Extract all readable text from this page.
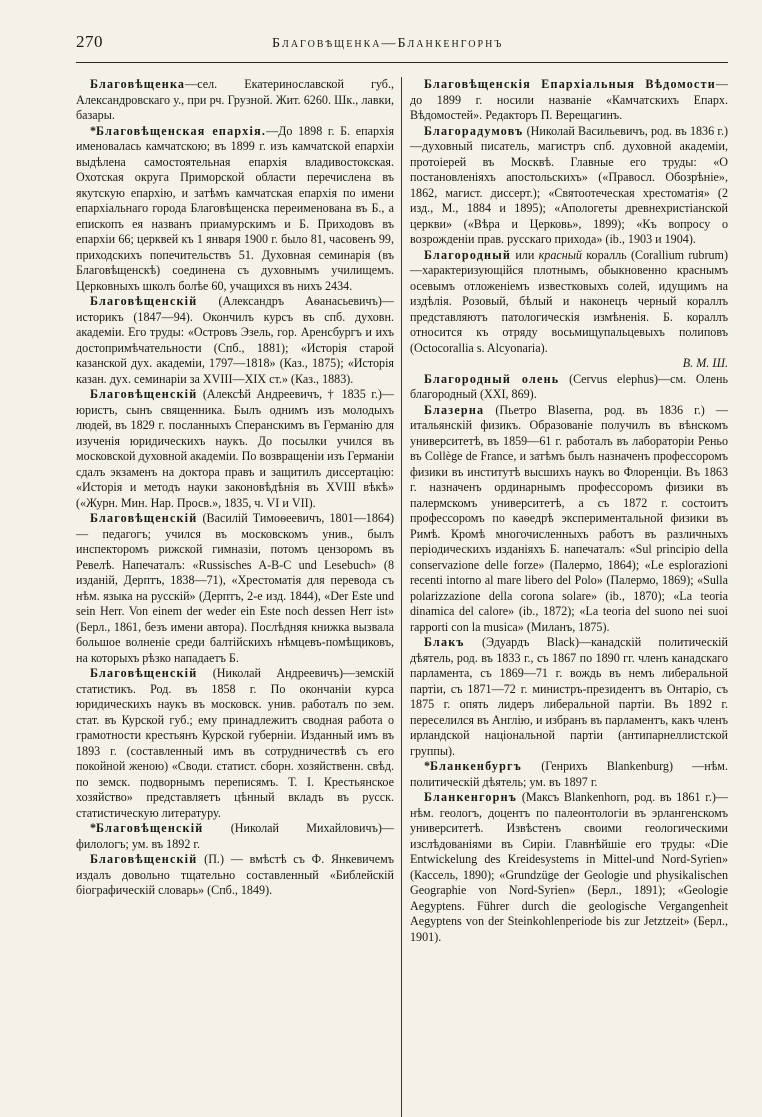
270	Благовѣщенка—Бланкенгорнъ

Благовѣщенка—сел. Екатеринославской губ., Александровскаго у., при рч. Грузной. Жит. 6260. Шк., лавки, базары.

*Благовѣщенская епархія.—До 1898 г. Б. епархія именовалась камчатскою; въ 1899 г. изъ камчатской епархіи выдѣлена самостоятельная епархія владивостокская. Охотская округа Приморской области перечислена въ якутскую епархію, и затѣмъ камчатская епархія по имени епархіальнаго города Благовѣщенска переименована въ Б., а епископъ ея названъ приамурскимъ и Б. Приходовъ въ епархіи 66; церквей къ 1 января 1900 г. было 81, часовенъ 99, приходскихъ попечительствъ 51. Духовная семинарія (въ Благовѣщенскѣ) соединена съ духовнымъ училищемъ. Церковныхъ школъ болѣе 60, учащихся въ нихъ 2434.

Благовѣщенскій (Александръ Аѳанасьевичъ)—историкъ (1847—94). Окончилъ курсъ въ спб. духовн. академіи. Его труды: «Островъ Эзель, гор. Аренсбургъ и ихъ достопримѣчательности (Спб., 1881); «Исторія старой казанской дух. академіи, 1797—1818» (Каз., 1875); «Исторія казан. дух. семинаріи за XVIII—XIX ст.» (Каз., 1883).

Благовѣщенскій (Алексѣй Андреевичъ, † 1835 г.)—юристъ, сынъ священника. Былъ однимъ изъ молодыхъ людей, въ 1829 г. посланныхъ Сперанскимъ въ Германію для изученія юридическихъ наукъ. До посылки учился въ московской духовной академіи. По возвращеніи изъ Германіи сдалъ экзаменъ на доктора правъ и защитилъ диссертацію: «Исторія и методъ науки законовѣдѣнія въ XVIII вѣкѣ» («Журн. Мин. Нар. Просв.», 1835, ч. VI и VII).

Благовѣщенскій (Василій Тимоѳеевичъ, 1801—1864) — педагогъ; учился въ московскомъ унив., былъ инспекторомъ рижской гимназіи, потомъ цензоромъ въ Ревелѣ. Напечаталъ: «Russisches A-B-C und Lesebuch» (8 изданій, Дерптъ, 1838—71), «Хрестоматія для перевода съ нѣм. языка на русскій» (Дерптъ, 2-е изд. 1844), «Der Este und sein Herr. Von einem der weder ein Este noch dessen Herr ist» (Берл., 1861, безъ имени автора). Послѣдняя книжка вызвала большое волненіе среди балтійскихъ нѣмцевъ-помѣщиковъ, на которыхъ рѣзко нападаетъ Б.

Благовѣщенскій (Николай Андреевичъ)—земскій статистикъ. Род. въ 1858 г. По окончаніи курса юридическихъ наукъ въ московск. унив. работалъ по зем. стат. въ Курской губ.; ему принадлежитъ сводная работа о грамотности крестьянъ Курской губерніи. Изданный имъ въ 1893 г. (составленный имъ въ сотрудничествѣ съ его покойной женою) «Своди. статист. сборн. хозяйственн. свѣд. по земск. подворнымъ переписямъ. Т. I. Крестьянское хозяйство» представляетъ цѣнный вкладъ въ русск. статистическую литературу.

*Благовѣщенскій (Николай Михайловичъ)—филологъ; ум. въ 1892 г.

Благовѣщенскій (П.) — вмѣстѣ съ Ф. Янкевичемъ издалъ довольно тщательно составленный «Библейскій біографическій словарь» (Спб., 1849).

Благовѣщенскія Епархіальныя Вѣдомости—до 1899 г. носили названіе «Камчатскихъ Епарх. Вѣдомостей». Редакторъ П. Верещагинъ.

Благорадумовъ (Николай Васильевичъ, род. въ 1836 г.)—духовный писатель, магистръ спб. духовной академіи, протоіерей въ Москвѣ. Главные его труды: «О постановленіяхъ апостольскихъ» («Правосл. Обозрѣніе», 1862, магист. диссерт.); «Святоотеческая хрестоматія» (2 изд., М., 1884 и 1895); «Апологеты древнехристіанской церкви» («Вѣра и Церковь», 1899); «Къ вопросу о возрожденіи прав. русскаго прихода» (ib., 1903 и 1904).

Благородный или красный коралль (Corallium rubrum)—характеризующійся плотнымъ, обыкновенно краснымъ осевымъ отложеніемъ известковыхъ солей, идущимъ на издѣлія. Розовый, бѣлый и наконецъ черный кораллъ представляютъ патологическія измѣненія. Б. кораллъ относится къ отряду восьмищупальцевыхъ полиповъ (Octocorallia s. Alcyonaria).
В. М. Ш.

Благородный олень (Cervus elephus)—см. Олень благородный (XXI, 869).

Блазерна (Пьетро Blaserna, род. въ 1836 г.) — итальянскій физикъ. Образованіе получилъ въ вѣнскомъ университетѣ, въ 1859—61 г. работалъ въ лабораторіи Реньо въ Collège de France, и затѣмъ былъ назначенъ профессоромъ физики въ институтѣ высшихъ наукъ во Флоренціи. Въ 1863 г. назначенъ ординарнымъ профессоромъ физики въ палермскомъ университетѣ, а съ 1872 г. состоитъ профессоромъ по каѳедрѣ экспериментальной физики въ Римѣ. Кромѣ многочисленныхъ работъ въ различныхъ періодическихъ изданіяхъ Б. напечаталъ: «Sul principio della conservazione delle forze» (Палермо, 1864); «Le esplorazioni recenti intorno al mare libero del Polo» (Палермо, 1869); «Sulla polarizzazione della corona solare» (ib., 1870); «La teoria dinamica del calore» (ib., 1872); «La teoria del suono nei suoi rapporti con la musica» (Миланъ, 1875).

Блакъ (Эдуардъ Black)—канадскій политическій дѣятель, род. въ 1833 г., съ 1867 по 1890 гг. членъ канадскаго парламента, съ 1869—71 г. вождь въ немъ либеральной партіи, съ 1871—72 г. министръ-президентъ въ Онтаріо, съ 1875 г. опять лидеръ либеральной партіи. Въ 1892 г. переселился въ Англію, и избранъ въ парламентъ, какъ членъ ирландской національной партіи (антипарнеллистской группы).

*Бланкенбургъ (Генрихъ Blankenburg) —нѣм. политическій дѣятель; ум. въ 1897 г.

Бланкенгорнъ (Максъ Blankenhorn, род. въ 1861 г.)—нѣм. геологъ, доцентъ по палеонтологіи въ эрлангенскомъ университетѣ. Извѣстенъ своими геологическими изслѣдованіями въ Сиріи. Главнѣйшіе его труды: «Die Entwickelung des Kreidesystems in Mittel-und Nord-Syrien» (Кассель, 1890); «Grundzüge der Geologie und physikalischen Geographie von Nord-Syrien» (Берл., 1891); «Geologie Aegyptens. Führer durch die geologische Vergangenheit Aegyptens von der Steinkohlenperiode bis zur Jetztzeit» (Берл., 1901).
